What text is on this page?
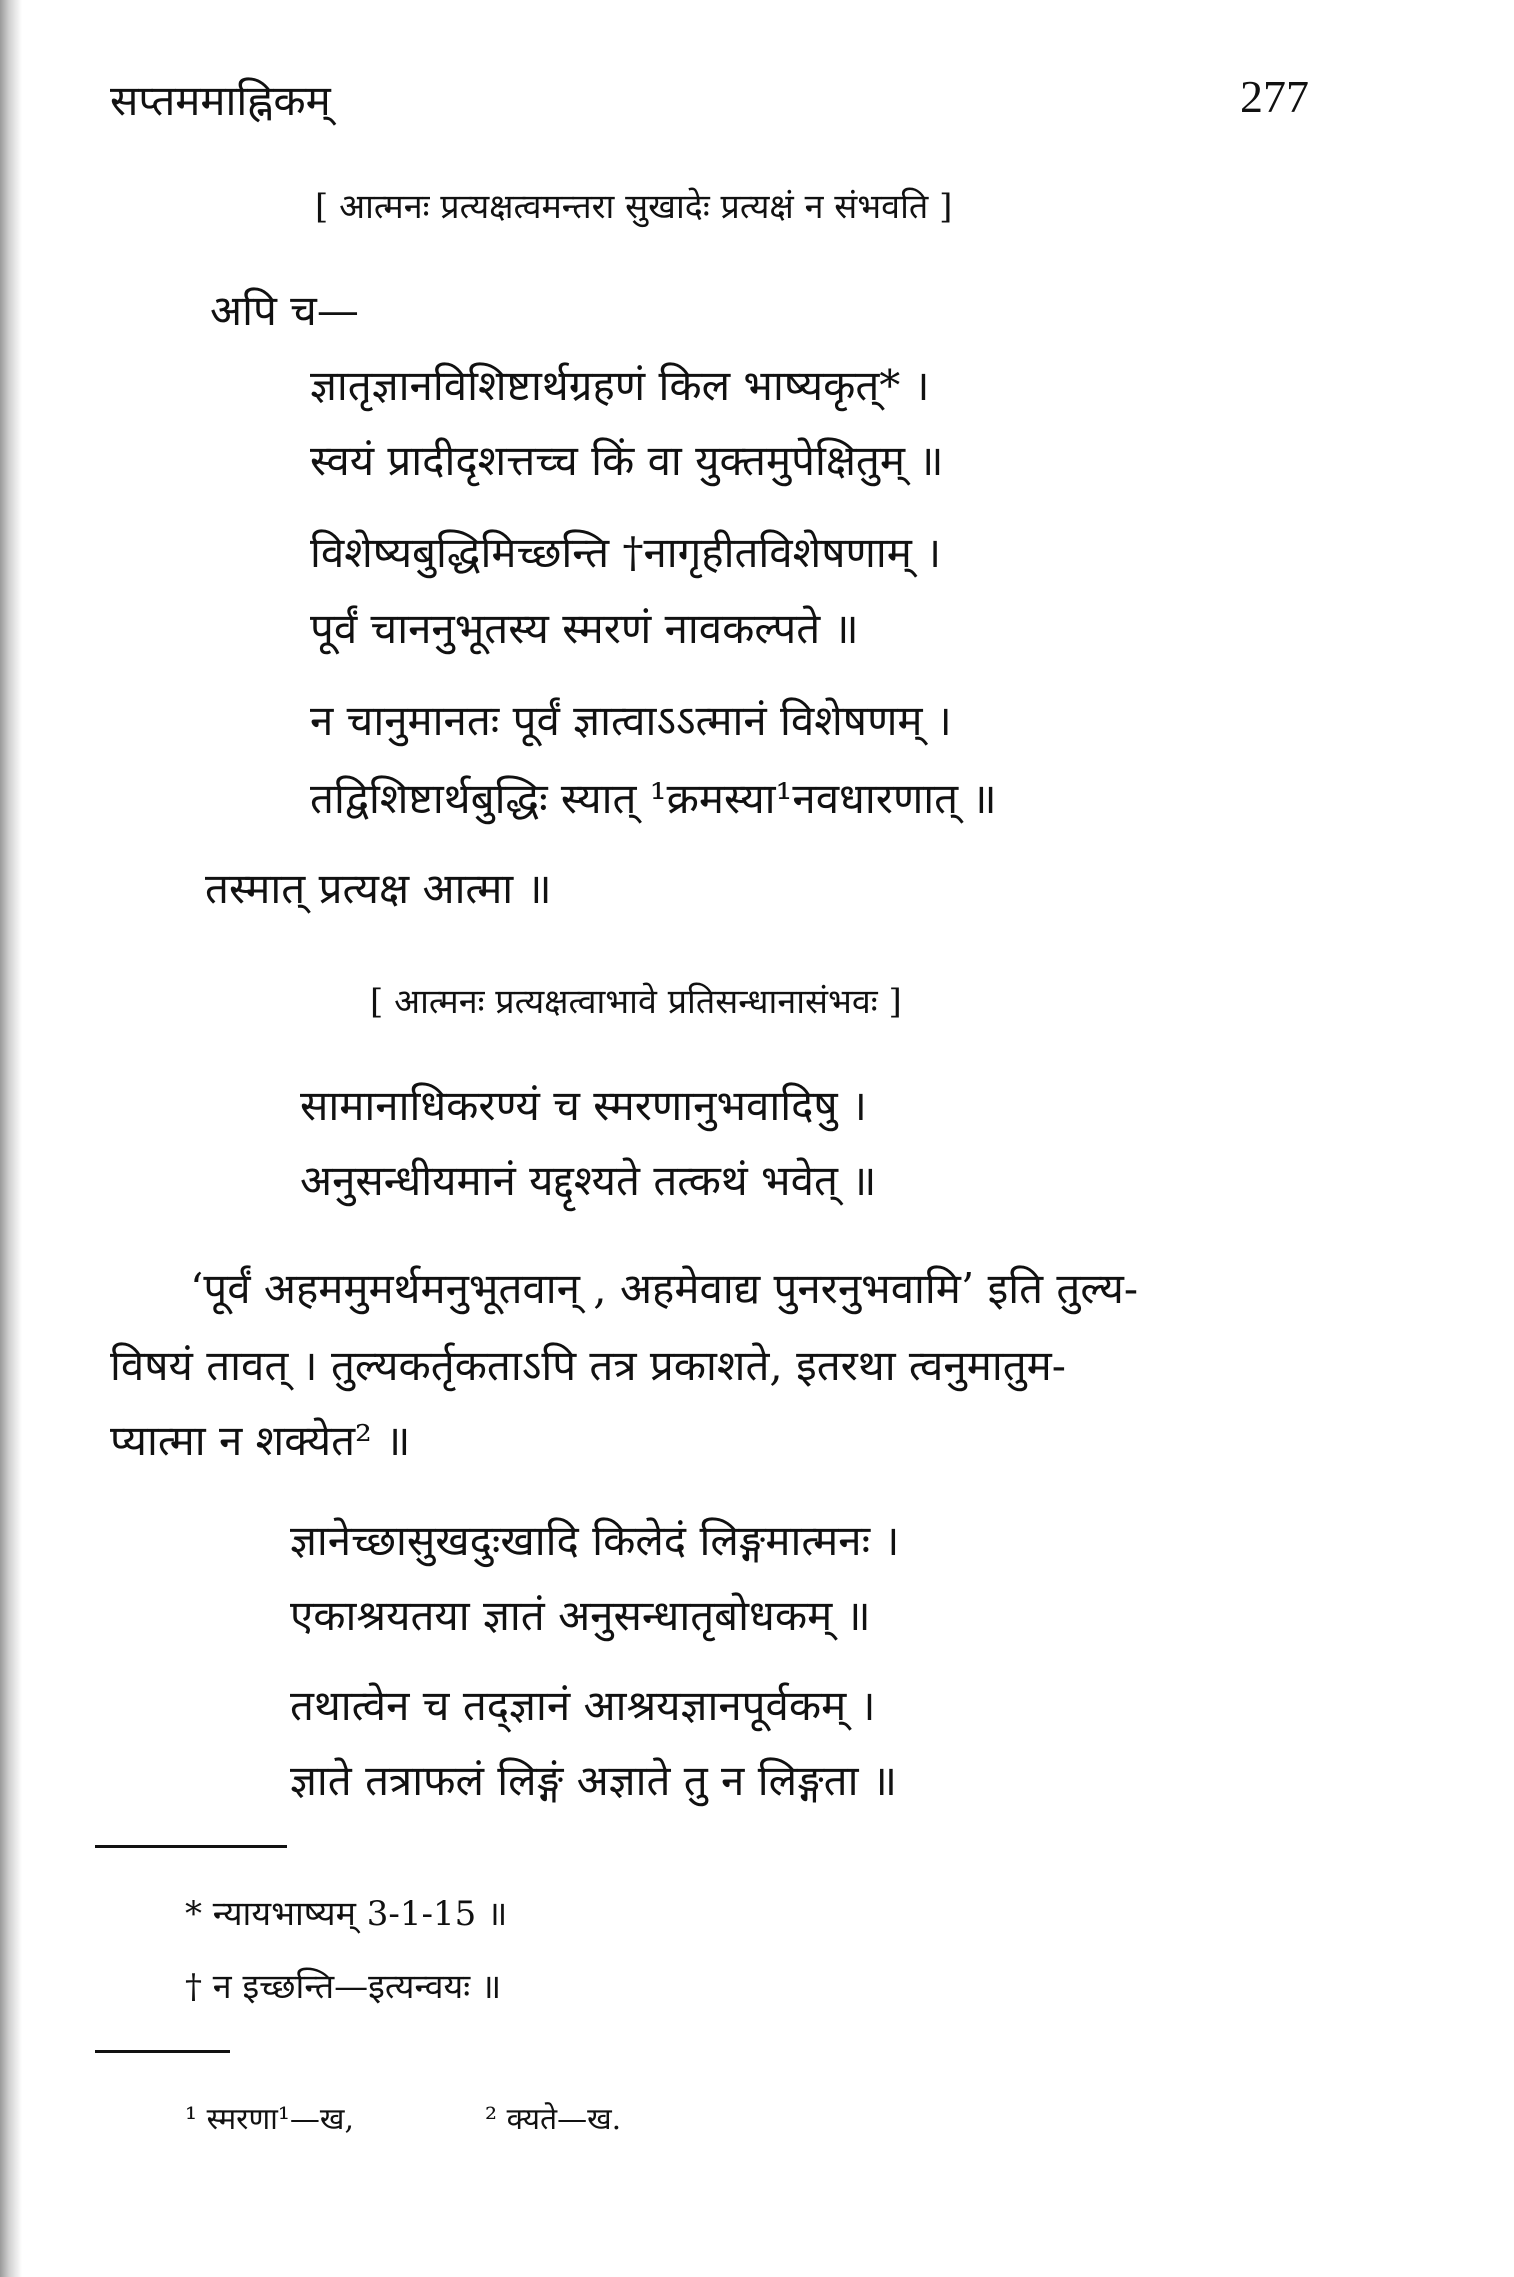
सप्तममाह्निकम्	277
[ आत्मनः प्रत्यक्षत्वमन्तरा सुखादेः प्रत्यक्षं न संभवति ]
अपि च—
ज्ञातृज्ञानविशिष्टार्थग्रहणं किल भाष्यकृत्* ।
स्वयं प्रादीदृशत्तच्च किं वा युक्तमुपेक्षितुम् ॥
विशेष्यबुद्धिमिच्छन्ति †नागृहीतविशेषणाम् ।
पूर्वं चाननुभूतस्य स्मरणं नावकल्पते ॥
न चानुमानतः पूर्वं ज्ञात्वाऽऽत्मानं विशेषणम् ।
तद्विशिष्टार्थबुद्धिः स्यात् ¹क्रमस्या¹नवधारणात् ॥
तस्मात् प्रत्यक्ष आत्मा ॥
[ आत्मनः प्रत्यक्षत्वाभावे प्रतिसन्धानासंभवः ]
सामानाधिकरण्यं च स्मरणानुभवादिषु ।
अनुसन्धीयमानं यद्दृश्यते तत्कथं भवेत् ॥
‘पूर्वं अहममुमर्थमनुभूतवान् , अहमेवाद्य पुनरनुभवामि’ इति तुल्य-
विषयं तावत् । तुल्यकर्तृकताऽपि तत्र प्रकाशते, इतरथा त्वनुमातुम-
प्यात्मा न श‍क्येत² ॥
ज्ञानेच्छासुखदुःखादि किलेदं लिङ्गमात्मनः ।
एकाश्रयतया ज्ञातं अनुसन्धातृबोधकम् ॥
तथात्वेन च तद्ज्ञानं आश्रयज्ञानपूर्वकम् ।
ज्ञाते तत्राफलं लिङ्गं अज्ञाते तु न लिङ्गता ॥
* न्यायभाष्यम् 3-1-15 ॥
† न इच्छन्ति—इत्यन्वयः ॥
¹ स्मरणा¹—ख,	² क्यते—ख.
